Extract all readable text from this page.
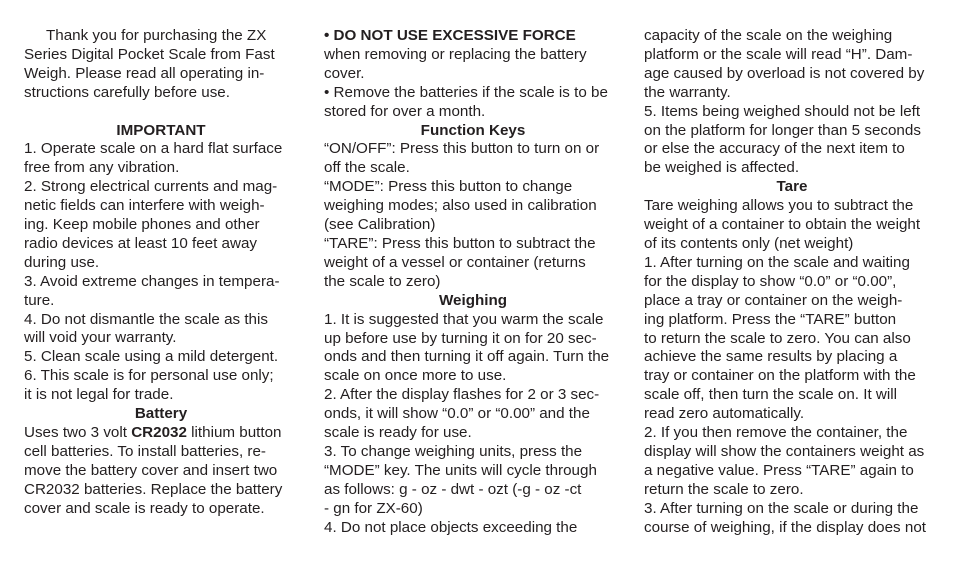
Thank you for purchasing the ZX
Series Digital Pocket Scale from Fast
Weigh. Please read all operating in-
structions carefully before use.
IMPORTANT
1. Operate scale on a hard flat surface
free from any vibration.
2. Strong electrical currents and mag-
netic fields can interfere with weigh-
ing. Keep mobile phones and other
radio devices at least 10 feet away
during use.
3. Avoid extreme changes in tempera-
ture.
4. Do not dismantle the scale as this
will void your warranty.
5. Clean scale using a mild detergent.
6. This scale is for personal use only;
it is not legal for trade.
Battery
Uses two 3 volt CR2032 lithium button
cell batteries. To install batteries, re-
move the battery cover and insert two
CR2032 batteries. Replace the battery
cover and scale is ready to operate.
• DO NOT USE EXCESSIVE FORCE
when removing or replacing the battery
cover.
• Remove the batteries if the scale is to be
stored for over a month.
Function Keys
“ON/OFF”: Press this button to turn on or
off the scale.
“MODE”: Press this button to change
weighing modes; also used in calibration
(see Calibration)
“TARE”: Press this button to subtract the
weight of a vessel or container (returns
the scale to zero)
Weighing
1. It is suggested that you warm the scale
up before use by turning it on for 20 sec-
onds and then turning it off again. Turn the
scale on once more to use.
2. After the display flashes for 2 or 3 sec-
onds, it will show “0.0” or “0.00” and the
scale is ready for use.
3. To change weighing units, press the
“MODE” key. The units will cycle through
as follows: g - oz - dwt - ozt (-g - oz -ct
- gn for ZX-60)
4. Do not place objects exceeding the
capacity of the scale on the weighing
platform or the scale will read “H”. Dam-
age caused by overload is not covered by
the warranty.
5. Items being weighed should not be left
on the platform for longer than 5 seconds
or else the accuracy of the next item to
be weighed is affected.
Tare
Tare weighing allows you to subtract the
weight of a container to obtain the weight
of its contents only (net weight)
1. After turning on the scale and waiting
for the display to show “0.0” or “0.00”,
place a tray or container on the weigh-
ing platform. Press the “TARE” button
to return the scale to zero. You can also
achieve the same results by placing a
tray or container on the platform with the
scale off, then turn the scale on. It will
read zero automatically.
2. If you then remove the container, the
display will show the containers weight as
a negative value. Press “TARE” again to
return the scale to zero.
3. After turning on the scale or during the
course of weighing, if the display does not
